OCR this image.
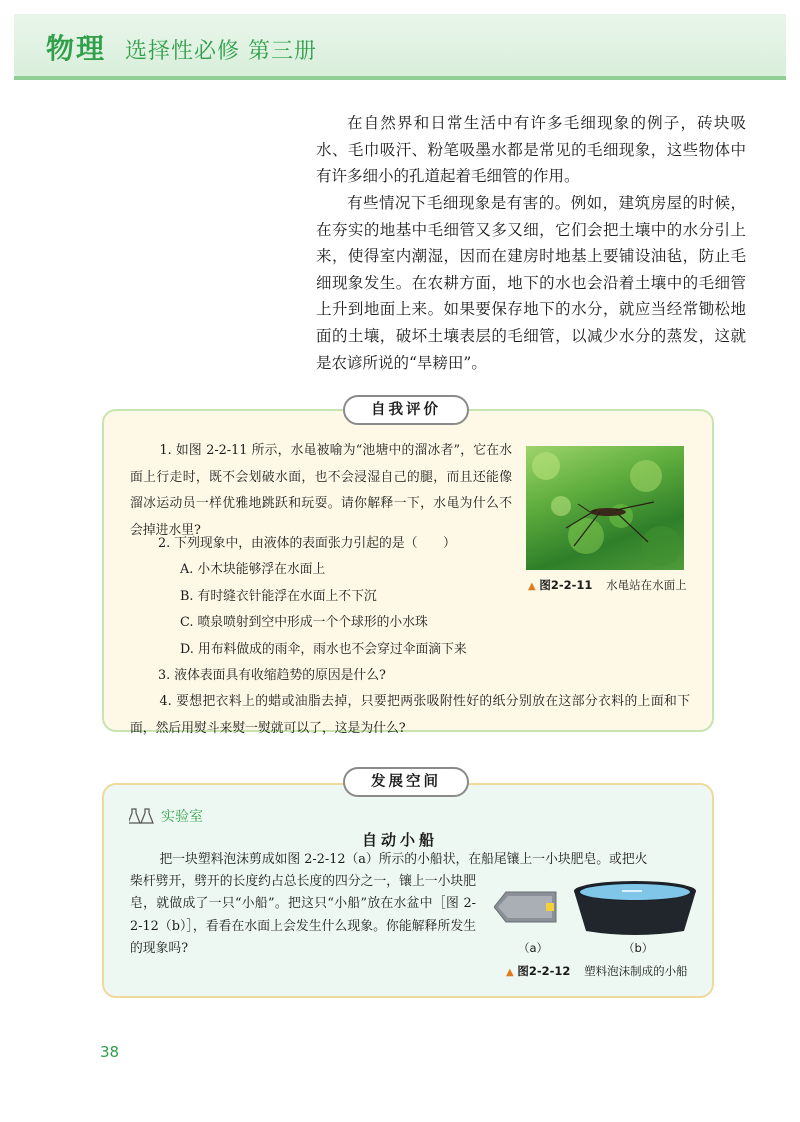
物理 选择性必修 第三册

在自然界和日常生活中有许多毛细现象的例子，砖块吸水、毛巾吸汗、粉笔吸墨水都是常见的毛细现象，这些物体中有许多细小的孔道起着毛细管的作用。

有些情况下毛细现象是有害的。例如，建筑房屋的时候，在夯实的地基中毛细管又多又细，它们会把土壤中的水分引上来，使得室内潮湿，因而在建房时地基上要铺设油毡，防止毛细现象发生。在农耕方面，地下的水也会沿着土壤中的毛细管上升到地面上来。如果要保存地下的水分，就应当经常锄松地面的土壤，破坏土壤表层的毛细管，以减少水分的蒸发，这就是农谚所说的“旱耪田”。

自我评价

1. 如图 2-2-11 所示，水黾被喻为“池塘中的溜冰者”，它在水面上行走时，既不会划破水面，也不会浸湿自己的腿，而且还能像溜冰运动员一样优雅地跳跃和玩耍。请你解释一下，水黾为什么不会掉进水里?

2. 下列现象中，由液体的表面张力引起的是（　　）

A. 小木块能够浮在水面上

B. 有时缝衣针能浮在水面上不下沉

C. 喷泉喷射到空中形成一个个球形的小水珠

D. 用布料做成的雨伞，雨水也不会穿过伞面滴下来

3. 液体表面具有收缩趋势的原因是什么?

4. 要想把衣料上的蜡或油脂去掉，只要把两张吸附性好的纸分别放在这部分衣料的上面和下面，然后用熨斗来熨一熨就可以了，这是为什么?

▲ 图2-2-11 水黾站在水面上
发展空间
实验室
自动小船

把一块塑料泡沫剪成如图 2-2-12（a）所示的小船状，在船尾镶上一小块肥皂。或把火

柴杆劈开，劈开的长度约占总长度的四分之一，镶上一小块肥皂，就做成了一只“小船”。把这只“小船”放在水盆中［图 2-2-12（b）］，看看在水面上会发生什么现象。你能解释所发生的现象吗?	（a）	（b）
▲ 图2-2-12 塑料泡沫制成的小船
38
